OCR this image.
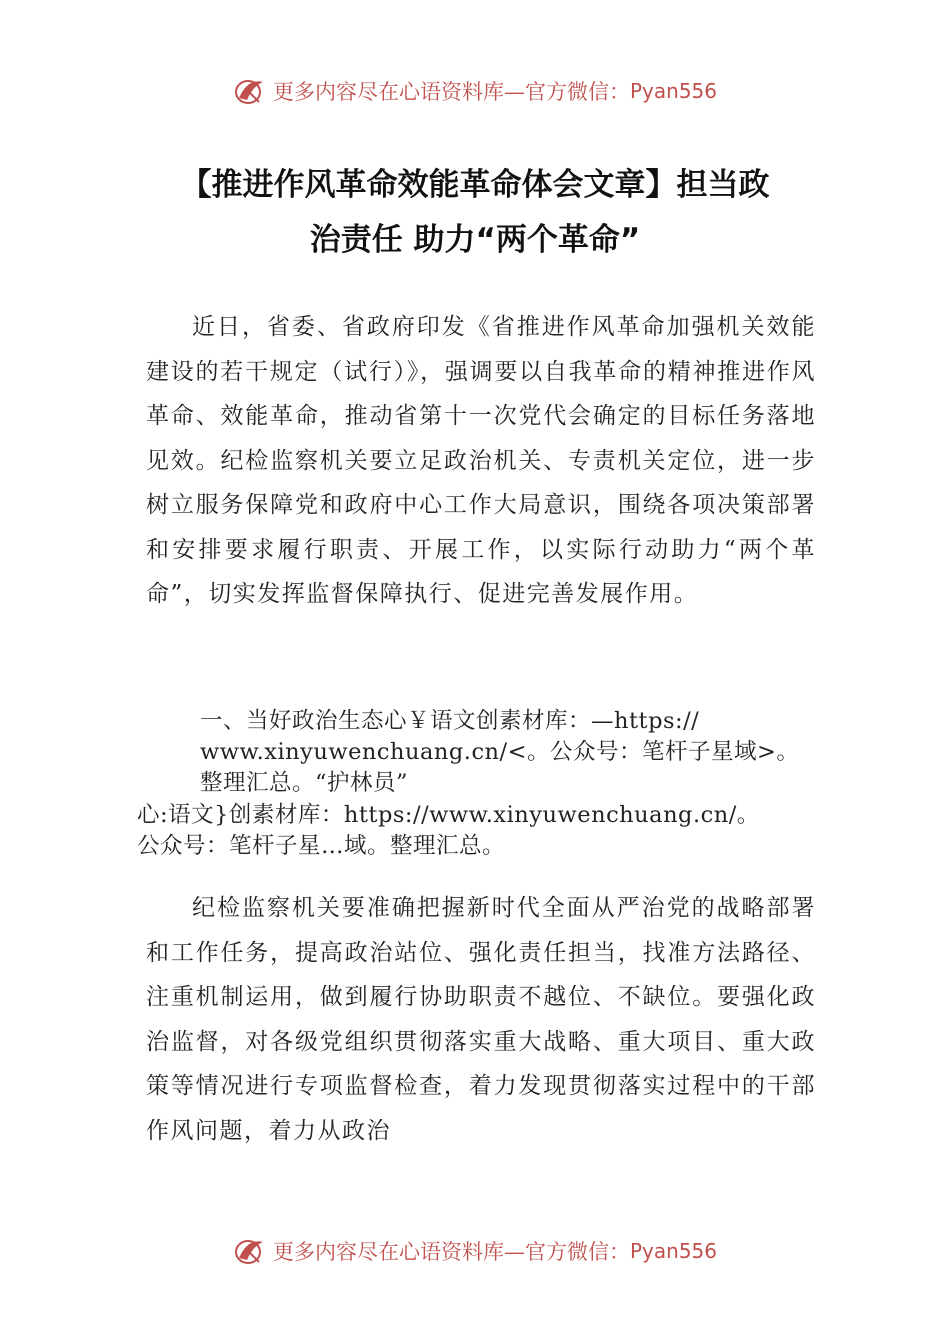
更多内容尽在心语资料库—官方微信： Pyan556
【推进作风革命效能革命体会文章】担当政
治责任 助力“两个革命”
近日，省委、省政府印发《省推进作风革命加强机关效能建设的若干规定（试行）》，强调要以自我革命的精神推进作风革命、效能革命，推动省第十一次党代会确定的目标任务落地见效。纪检监察机关要立足政治机关、专责机关定位，进一步树立服务保障党和政府中心工作大局意识，围绕各项决策部署和安排要求履行职责、开展工作，以实际行动助力“两个革命”，切实发挥监督保障执行、促进完善发展作用。
一、当好政治生态心￥语文创素材库：—https://
www.xinyuwenchuang.cn/<。公众号：笔杆子星域>。
整理汇总。“护林员”
心:语文}创素材库：https://www.xinyuwenchuang.cn/。
公众号：笔杆子星…域。整理汇总。
纪检监察机关要准确把握新时代全面从严治党的战略部署和工作任务，提高政治站位、强化责任担当，找准方法路径、注重机制运用，做到履行协助职责不越位、不缺位。要强化政治监督，对各级党组织贯彻落实重大战略、重大项目、重大政策等情况进行专项监督检查，着力发现贯彻落实过程中的干部作风问题，着力从政治
更多内容尽在心语资料库—官方微信： Pyan556
